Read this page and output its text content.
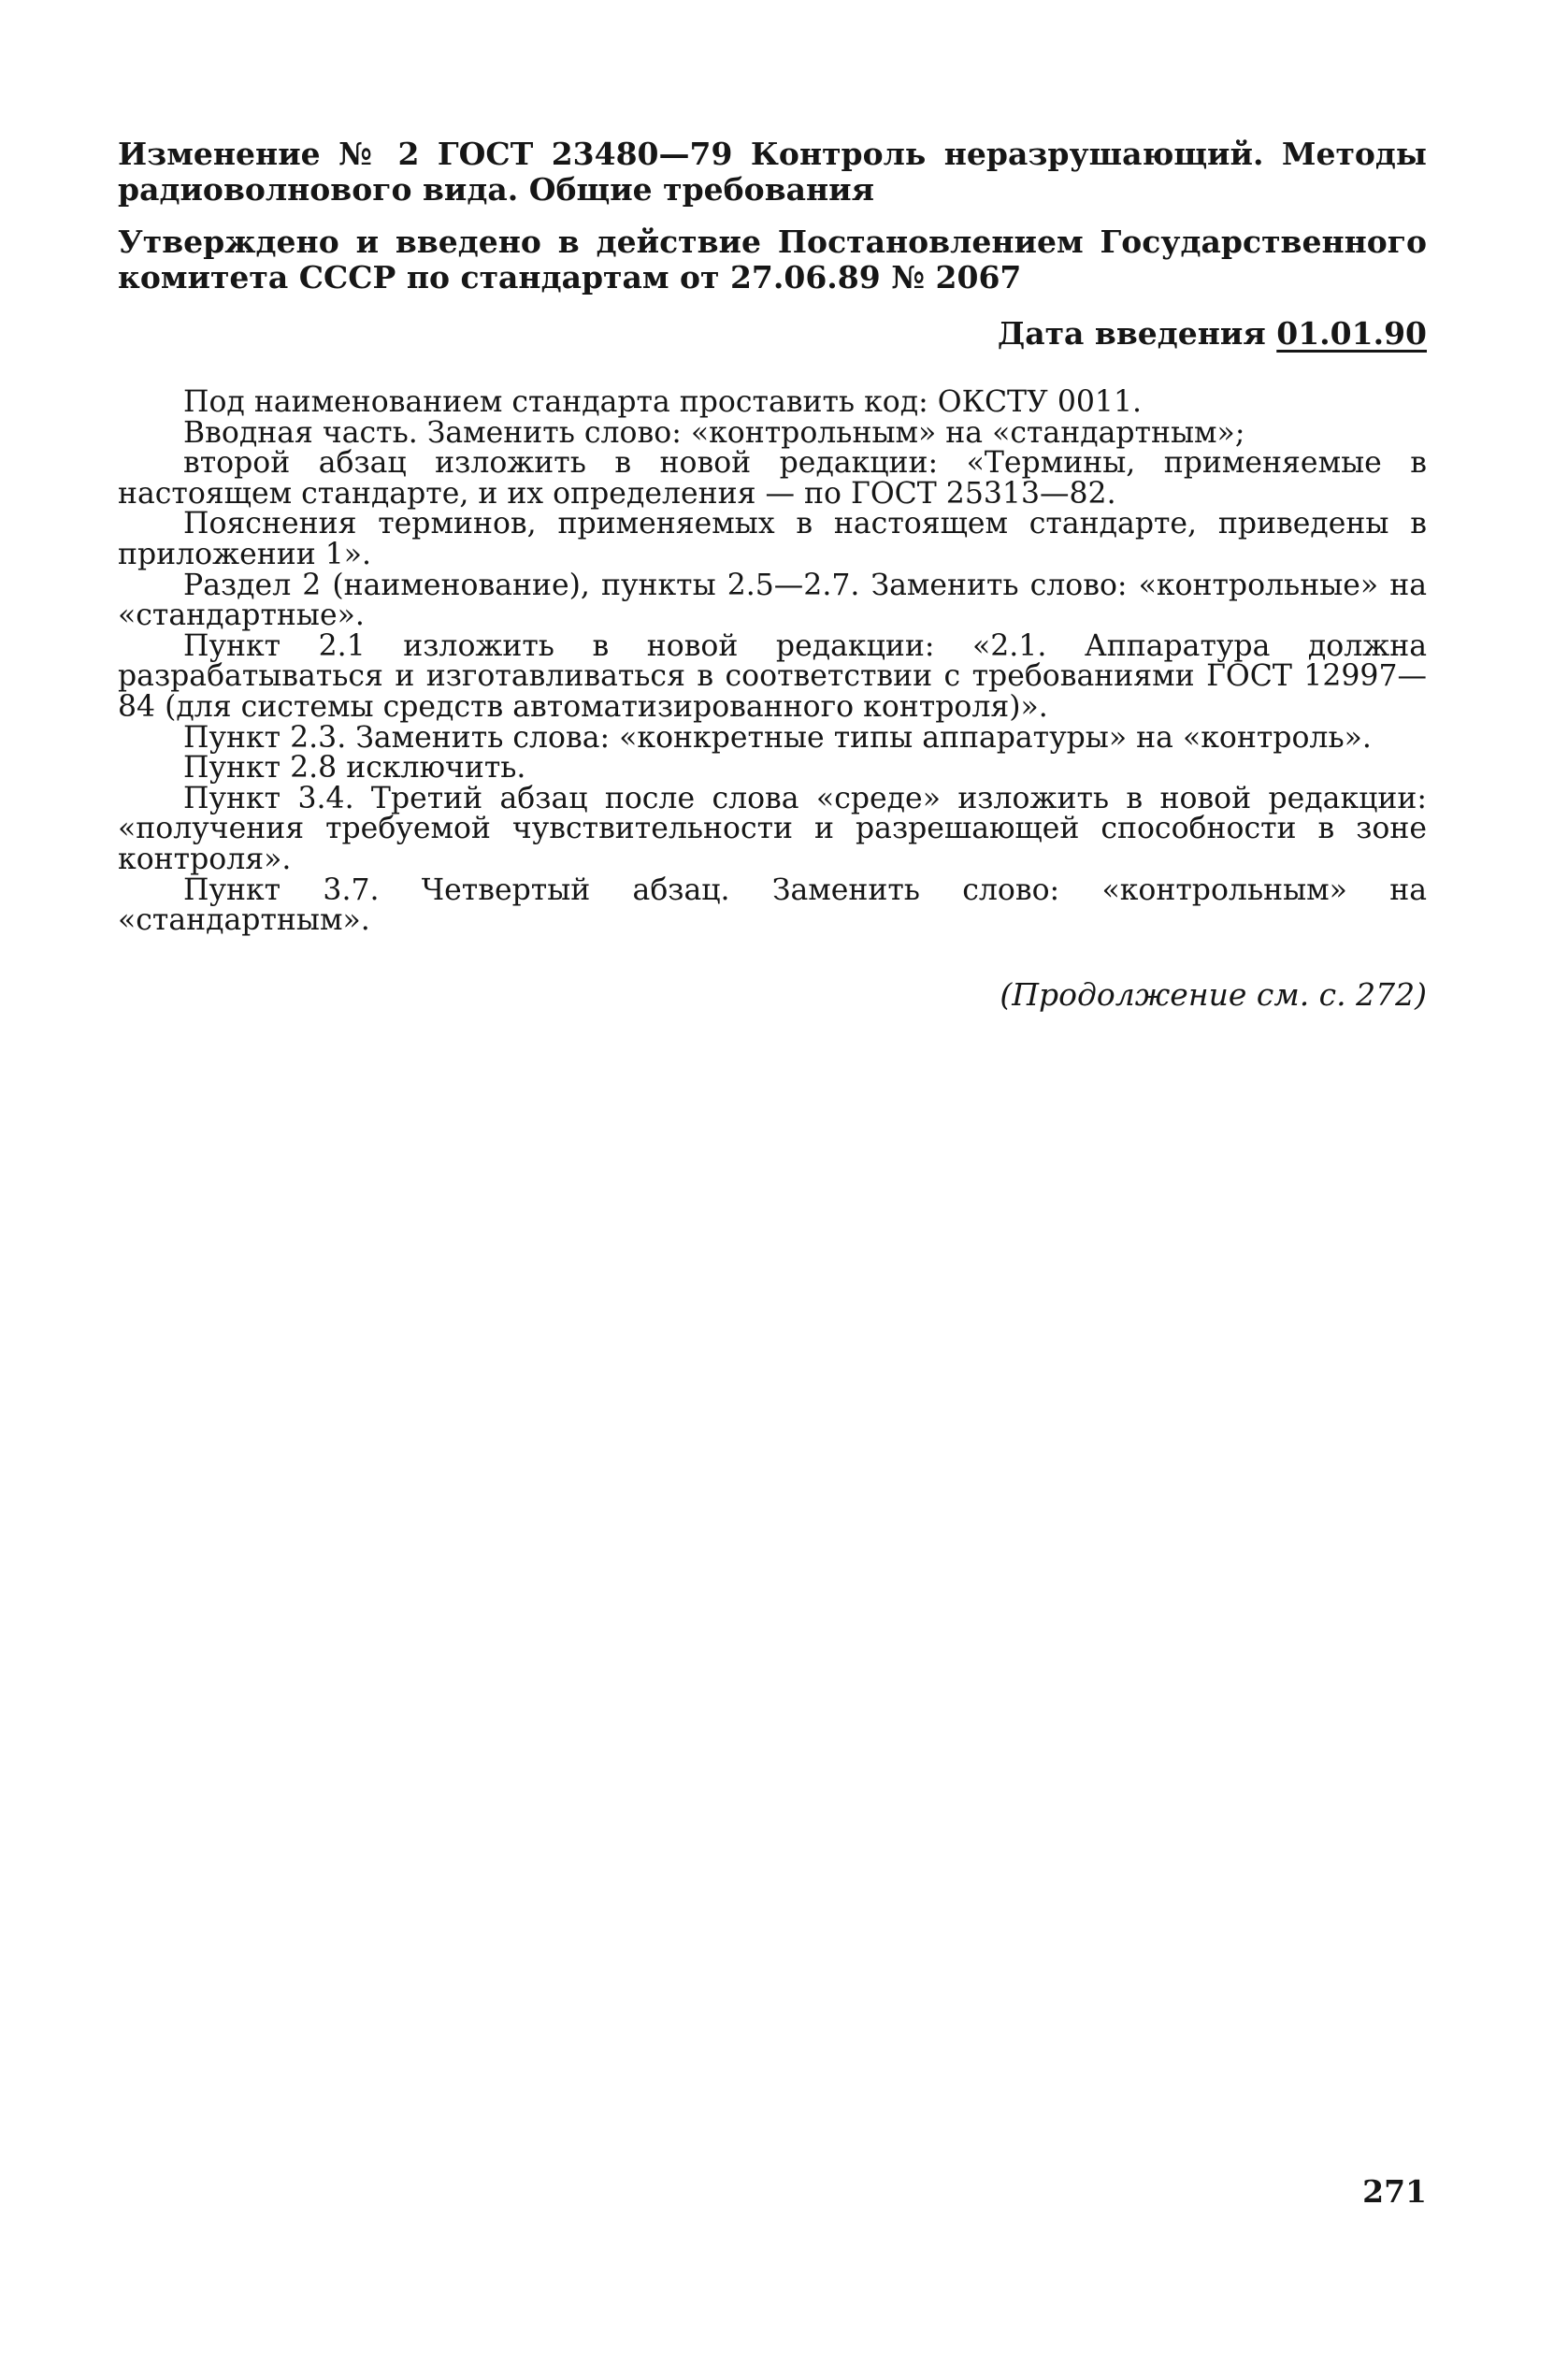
Изменение № 2 ГОСТ 23480—79 Контроль неразрушающий. Методы радиоволнового вида. Общие требования

Утверждено и введено в действие Постановлением Государственного комитета СССР по стандартам от 27.06.89 № 2067

Дата введения 01.01.90

Под наименованием стандарта проставить код: ОКСТУ 0011.

Вводная часть. Заменить слово: «контрольным» на «стандартным»;

второй абзац изложить в новой редакции: «Термины, применяемые в настоящем стандарте, и их определения — по ГОСТ 25313—82.

Пояснения терминов, применяемых в настоящем стандарте, приведены в приложении 1».

Раздел 2 (наименование), пункты 2.5—2.7. Заменить слово: «контрольные» на «стандартные».

Пункт 2.1 изложить в новой редакции: «2.1. Аппаратура должна разрабатываться и изготавливаться в соответствии с требованиями ГОСТ 12997—84 (для системы средств автоматизированного контроля)».

Пункт 2.3. Заменить слова: «конкретные типы аппаратуры» на «контроль».

Пункт 2.8 исключить.

Пункт 3.4. Третий абзац после слова «среде» изложить в новой редакции: «получения требуемой чувствительности и разрешающей способности в зоне контроля».

Пункт 3.7. Четвертый абзац. Заменить слово: «контрольным» на «стандартным».

(Продолжение см. с. 272)

271
